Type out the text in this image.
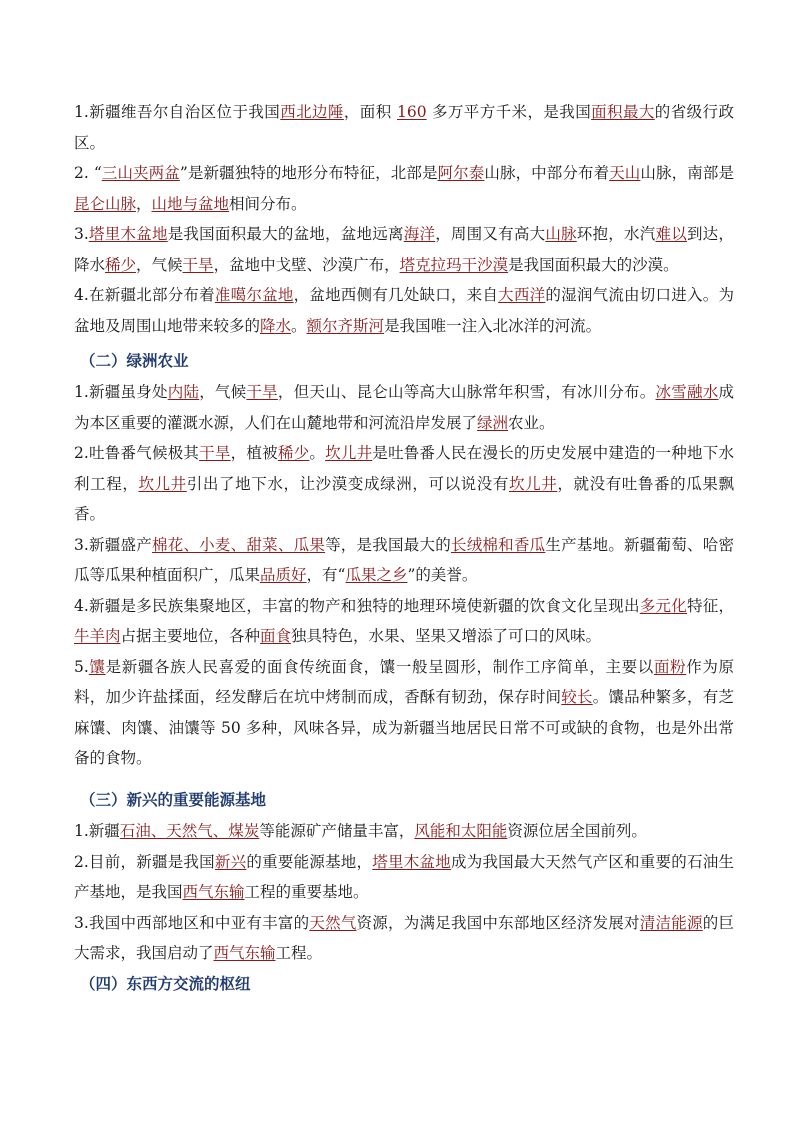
1.新疆维吾尔自治区位于我国西北边陲，面积 160 多万平方千米，是我国面积最大的省级行政区。

2. “三山夹两盆”是新疆独特的地形分布特征，北部是阿尔泰山脉，中部分布着天山山脉，南部是昆仑山脉，山地与盆地相间分布。

3.塔里木盆地是我国面积最大的盆地，盆地远离海洋，周围又有高大山脉环抱，水汽难以到达，降水稀少，气候干旱，盆地中戈壁、沙漠广布，塔克拉玛干沙漠是我国面积最大的沙漠。

4.在新疆北部分布着准噶尔盆地，盆地西侧有几处缺口，来自大西洋的湿润气流由切口进入。为盆地及周围山地带来较多的降水。额尔齐斯河是我国唯一注入北冰洋的河流。

（二）绿洲农业

1.新疆虽身处内陆，气候干旱，但天山、昆仑山等高大山脉常年积雪，有冰川分布。冰雪融水成为本区重要的灌溉水源，人们在山麓地带和河流沿岸发展了绿洲农业。

2.吐鲁番气候极其干旱，植被稀少。坎儿井是吐鲁番人民在漫长的历史发展中建造的一种地下水利工程，坎儿井引出了地下水，让沙漠变成绿洲，可以说没有坎儿井，就没有吐鲁番的瓜果飘香。

3.新疆盛产棉花、小麦、甜菜、瓜果等，是我国最大的长绒棉和香瓜生产基地。新疆葡萄、哈密瓜等瓜果种植面积广，瓜果品质好，有“瓜果之乡”的美誉。

4.新疆是多民族集聚地区，丰富的物产和独特的地理环境使新疆的饮食文化呈现出多元化特征，牛羊肉占据主要地位，各种面食独具特色，水果、坚果又增添了可口的风味。

5.馕是新疆各族人民喜爱的面食传统面食，馕一般呈圆形，制作工序简单，主要以面粉作为原料，加少许盐揉面，经发酵后在坑中烤制而成，香酥有韧劲，保存时间较长。馕品种繁多，有芝麻馕、肉馕、油馕等 50 多种，风味各异，成为新疆当地居民日常不可或缺的食物，也是外出常备的食物。

（三）新兴的重要能源基地

1.新疆石油、天然气、煤炭等能源矿产储量丰富，风能和太阳能资源位居全国前列。

2.目前，新疆是我国新兴的重要能源基地，塔里木盆地成为我国最大天然气产区和重要的石油生产基地，是我国西气东输工程的重要基地。

3.我国中西部地区和中亚有丰富的天然气资源，为满足我国中东部地区经济发展对清洁能源的巨大需求，我国启动了西气东输工程。

（四）东西方交流的枢纽
